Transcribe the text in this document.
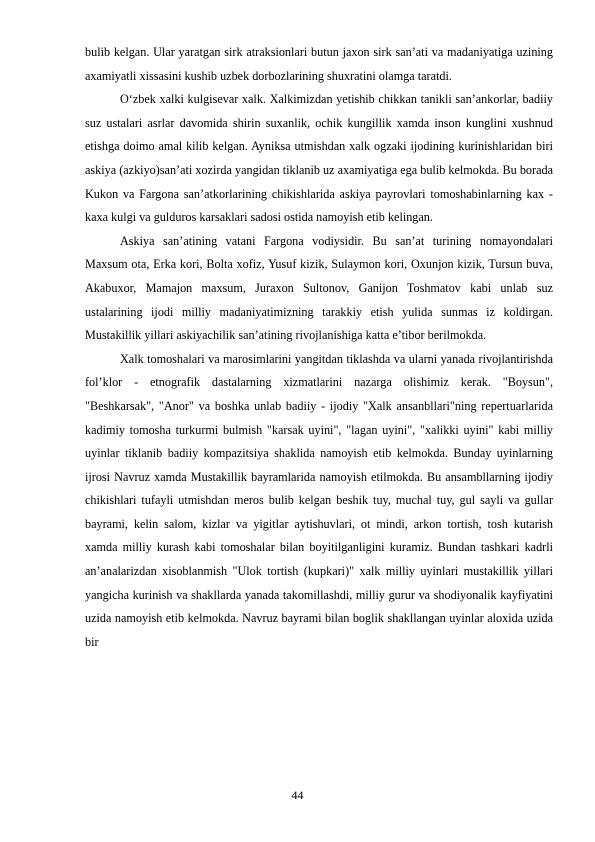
bulib kelgan. Ular yaratgan sirk atraksionlari butun jaxon sirk san’ati va madaniyatiga uzining axamiyatli xissasini kushib uzbek dorbozlarining shuxratini olamga taratdi.

O‘zbek xalki kulgisevar xalk. Xalkimizdan yetishib chikkan tanikli san’ankorlar, badiiy suz ustalari asrlar davomida shirin suxanlik, ochik kungillik xamda inson kunglini xushnud etishga doimo amal kilib kelgan. Ayniksa utmishdan xalk ogzaki ijodining kurinishlaridan biri askiya (azkiyo)san’ati xozirda yangidan tiklanib uz axamiyatiga ega bulib kelmokda. Bu borada Kukon va Fargona san’atkorlarining chikishlarida askiya payrovlari tomoshabinlarning kax - kaxa kulgi va gulduros karsaklari sadosi ostida namoyish etib kelingan.

Askiya san’atining vatani Fargona vodiysidir. Bu san’at turining nomayondalari Maxsum ota, Erka kori, Bolta xofiz, Yusuf kizik, Sulaymon kori, Oxunjon kizik, Tursun buva, Akabuxor, Mamajon maxsum, Juraxon Sultonov, Ganijon Toshmatov kabi unlab suz ustalarining ijodi milliy madaniyatimizning tarakkiy etish yulida sunmas iz koldirgan. Mustakillik yillari askiyachilik san’atining rivojlanishiga katta e’tibor berilmokda.

Xalk tomoshalari va marosimlarini yangitdan tiklashda va ularni yanada rivojlantirishda fol’klor - etnografik dastalarning xizmatlarini nazarga olishimiz kerak. "Boysun", "Beshkarsak", "Anor" va boshka unlab badiiy - ijodiy "Xalk ansanbllari"ning repertuarlarida kadimiy tomosha turkurmi bulmish "karsak uyini", "lagan uyini", "xalikki uyini" kabi milliy uyinlar tiklanib badiiy kompazitsiya shaklida namoyish etib kelmokda. Bunday uyinlarning ijrosi Navruz xamda Mustakillik bayramlarida namoyish etilmokda. Bu ansambllarning ijodiy chikishlari tufayli utmishdan meros bulib kelgan beshik tuy, muchal tuy, gul sayli va gullar bayrami, kelin salom, kizlar va yigitlar aytishuvlari, ot mindi, arkon tortish, tosh kutarish xamda milliy kurash kabi tomoshalar bilan boyitilganligini kuramiz. Bundan tashkari kadrli an’analarizdan xisoblanmish "Ulok tortish (kupkari)" xalk milliy uyinlari mustakillik yillari yangicha kurinish va shakllarda yanada takomillashdi, milliy gurur va shodiyonalik kayfiyatini uzida namoyish etib kelmokda. Navruz bayrami bilan boglik shakllangan uyinlar aloxida uzida bir

44
